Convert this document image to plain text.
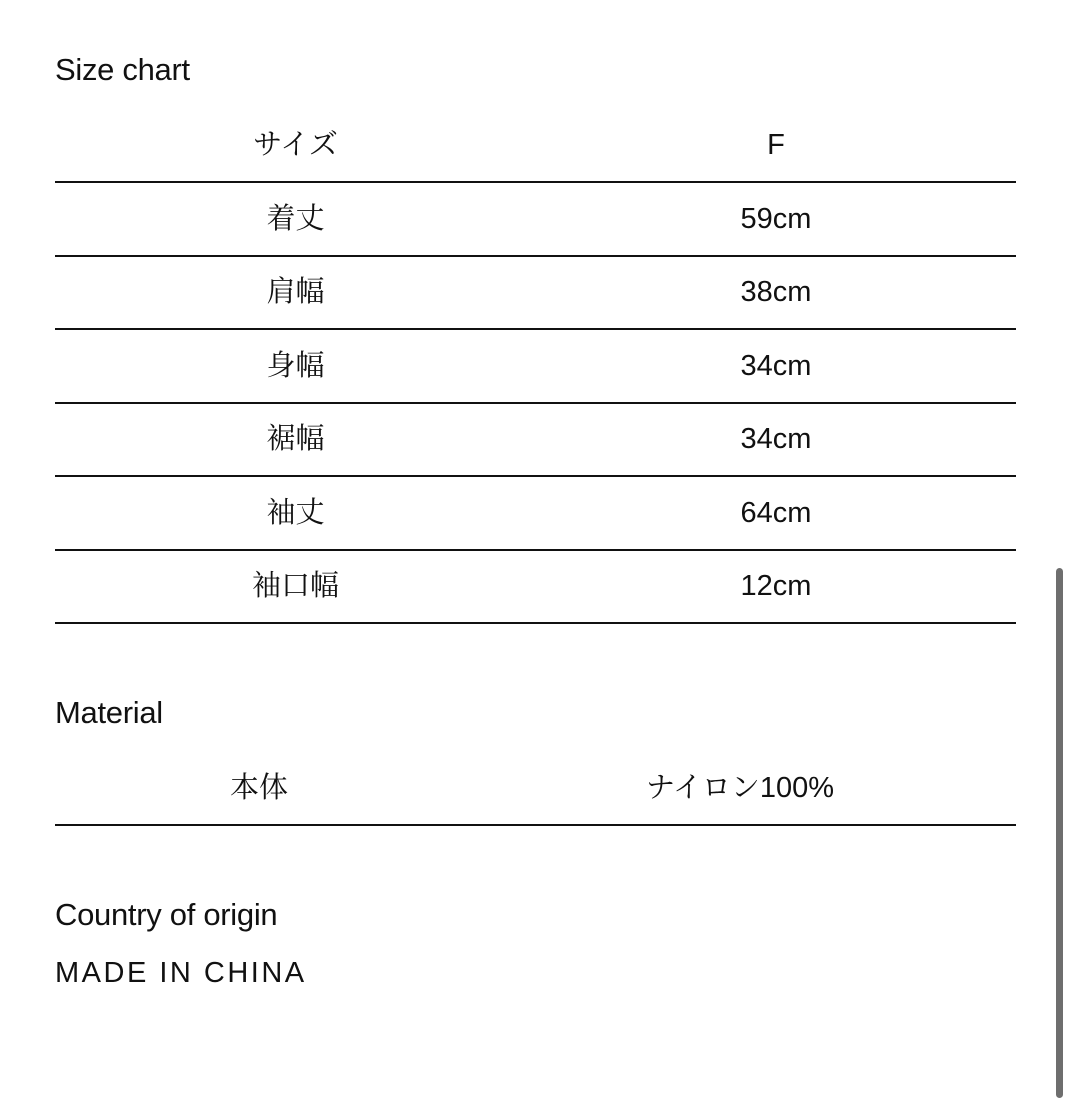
Size chart
サイズ	F
着丈	59cm
肩幅	38cm
身幅	34cm
裾幅	34cm
袖丈	64cm
袖口幅	12cm
Material
本体	ナイロン100%
Country of origin
MADE IN CHINA
